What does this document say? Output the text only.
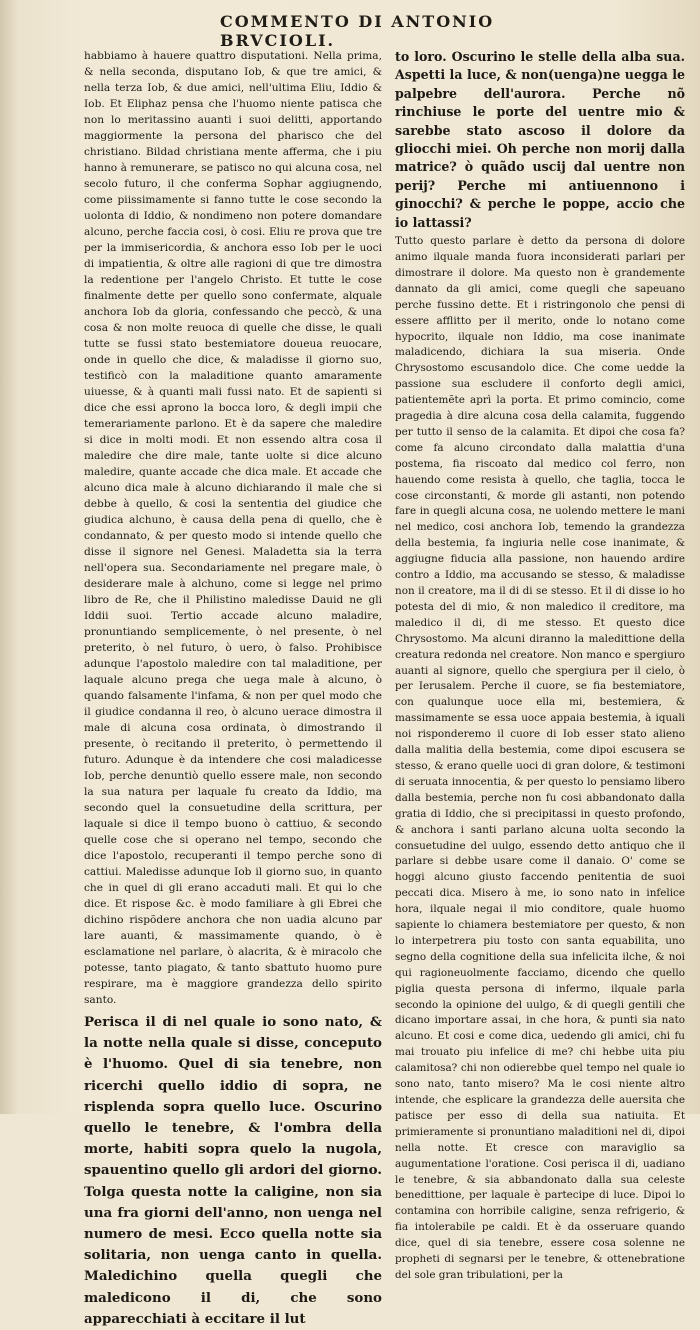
COMMENTO DI ANTONIO BRVCIOLI.

habbiamo à hauere quattro disputationi. Nella prima, & nella seconda, disputano Iob, & que tre amici, & nella terza Iob, & due amici, nell'ultima Eliu, Iddio & Iob. Et Eliphaz pensa che l'huomo niente patisca che non lo meritassino auanti i suoi delitti, apportando maggiormente la persona del pharisco che del christiano. Bildad christiana mente afferma, che i piu hanno à remunerare, se patisco no qui alcuna cosa, nel secolo futuro, il che conferma Sophar aggiugnendo, come piissimamente si fanno tutte le cose secondo la uolonta di Iddio, & nondimeno non potere domandare alcuno, perche faccia cosi, ò cosi. Eliu re prova que tre per la immisericordia, & anchora esso Iob per le uoci di impatientia, & oltre alle ragioni di que tre dimostra la redentione per l'angelo Christo. Et tutte le cose finalmente dette per quello sono confermate, alquale anchora Iob da gloria, confessando che peccò, & una cosa & non molte reuoca di quelle che disse, le quali tutte se fussi stato bestemiatore doueua reuocare, onde in quello che dice, & maladisse il giorno suo, testificò con la maladitione quanto amaramente uiuesse, & à quanti mali fussi nato. Et de sapienti si dice che essi aprono la bocca loro, & degli impii che temerariamente parlono. Et è da sapere che maledire si dice in molti modi. Et non essendo altra cosa il maledire che dire male, tante uolte si dice alcuno maledire, quante accade che dica male. Et accade che alcuno dica male à alcuno dichiarando il male che si debbe à quello, & cosi la sententia del giudice che giudica alchuno, è causa della pena di quello, che è condannato, & per questo modo si intende quello che disse il signore nel Genesi. Maladetta sia la terra nell'opera sua. Secondariamente nel pregare male, ò desiderare male à alchuno, come si legge nel primo libro de Re, che il Philistino maledisse Dauid ne gli Iddii suoi. Tertio accade alcuno maladire, pronuntiando semplicemente, ò nel presente, ò nel preterito, ò nel futuro, ò uero, ò falso. Prohibisce adunque l'apostolo maledire con tal maladitione, per laquale alcuno prega che uega male à alcuno, ò quando falsamente l'infama, & non per quel modo che il giudice condanna il reo, ò alcuno uerace dimostra il male di alcuna cosa ordinata, ò dimostrando il presente, ò recitando il preterito, ò permettendo il futuro. Adunque è da intendere che cosi maladicesse Iob, perche denuntiò quello essere male, non secondo la sua natura per laquale fu creato da Iddio, ma secondo quel la consuetudine della scrittura, per laquale si dice il tempo buono ò cattiuo, & secondo quelle cose che si operano nel tempo, secondo che dice l'apostolo, recuperanti il tempo perche sono di cattiui. Maledisse adunque Iob il giorno suo, in quanto che in quel di gli erano accaduti mali. Et qui lo che dice. Et rispose &c. è modo familiare à gli Ebrei che dichino rispõdere anchora che non uadia alcuno par lare auanti, & massimamente quando, ò è esclamatione nel parlare, ò alacrita, & è miracolo che potesse, tanto piagato, & tanto sbattuto huomo pure respirare, ma è maggiore grandezza dello spirito santo.

Perisca il di nel quale io sono nato, & la notte nella quale si disse, conceputo è l'huomo. Quel di sia tenebre, non ricerchi quello iddio di sopra, ne risplenda sopra quello luce. Oscurino quello le tenebre, & l'ombra della morte, habiti sopra quelo la nugola, spauentino quello gli ardori del giorno. Tolga questa notte la caligine, non sia una fra giorni dell'anno, non uenga nel numero de mesi. Ecco quella notte sia solitaria, non uenga canto in quella. Maledichino quella quegli che maledicono il di, che sono apparecchiati à eccitare il lut

to loro. Oscurino le stelle della alba sua. Aspetti la luce, & non(uenga)ne uegga le palpebre dell'aurora. Perche nõ rinchiuse le porte del uentre mio & sarebbe stato ascoso il dolore da gliocchi miei. Oh perche non morij dalla matrice? ò quãdo uscij dal uentre non perij? Perche mi antiuennono i ginocchi? & perche le poppe, accio che io lattassi?

Tutto questo parlare è detto da persona di dolore animo ilquale manda fuora inconsiderati parlari per dimostrare il dolore. Ma questo non è grandemente dannato da gli amici, come quegli che sapeuano perche fussino dette. Et i ristringonolo che pensi di essere afflitto per il merito, onde lo notano come hypocrito, ilquale non Iddio, ma cose inanimate maladicendo, dichiara la sua miseria. Onde Chrysostomo escusandolo dice. Che come uedde la passione sua escludere il conforto degli amici, patientemẽte aprì la porta. Et primo comincio, come pragedia à dire alcuna cosa della calamita, fuggendo per tutto il senso de la calamita. Et dipoi che cosa fa? come fa alcuno circondato dalla malattia d'una postema, fia riscoato dal medico col ferro, non hauendo come resista à quello, che taglia, tocca le cose circonstanti, & morde gli astanti, non potendo fare in quegli alcuna cosa, ne uolendo mettere le mani nel medico, cosi anchora Iob, temendo la grandezza della bestemia, fa ingiuria nelle cose inanimate, & aggiugne fiducia alla passione, non hauendo ardire contro a Iddio, ma accusando se stesso, & maladisse non il creatore, ma il di di se stesso. Et il di disse io ho potesta del di mio, & non maledico il creditore, ma maledico il di, di me stesso. Et questo dice Chrysostomo. Ma alcuni diranno la maledittione della creatura redonda nel creatore. Non manco e spergiuro auanti al signore, quello che spergiura per il cielo, ò per Ierusalem. Perche il cuore, se fia bestemiatore, con qualunque uoce ella mi, bestemiera, & massimamente se essa uoce appaia bestemia, à iquali noi risponderemo il cuore di Iob esser stato alieno dalla malitia della bestemia, come dipoi escusera se stesso, & erano quelle uoci di gran dolore, & testimoni di seruata innocentia, & per questo lo pensiamo libero dalla bestemia, perche non fu cosi abbandonato dalla gratia di Iddio, che si precipitassi in questo profondo, & anchora i santi parlano alcuna uolta secondo la consuetudine del uulgo, essendo detto antiquo che il parlare si debbe usare come il danaio. O' come se hoggi alcuno giusto faccendo penitentia de suoi peccati dica. Misero à me, io sono nato in infelice hora, ilquale negai il mio conditore, quale huomo sapiente lo chiamera bestemiatore per questo, & non lo interpetrera piu tosto con santa equabilita, uno segno della cognitione della sua infelicita ilche, & noi qui ragioneuolmente facciamo, dicendo che quello piglia questa persona di infermo, ilquale parla secondo la opinione del uulgo, & di quegli gentili che dicano importare assai, in che hora, & punti sia nato alcuno. Et cosi e come dica, uedendo gli amici, chi fu mai trouato piu infelice di me? chi hebbe uita piu calamitosa? chi non odierebbe quel tempo nel quale io sono nato, tanto misero? Ma le cosi niente altro intende, che esplicare la grandezza delle auersita che patisce per esso di della sua natiuita. Et primieramente si pronuntiano maladitioni nel di, dipoi nella notte. Et cresce con maraviglio sa augumentatione l'oratione. Cosi perisca il di, uadiano le tenebre, & sia abbandonato dalla sua celeste benedittione, per laquale è partecipe di luce. Dipoi lo contamina con horribile caligine, senza refrigerio, & fia intolerabile pe caldi. Et è da osseruare quando dice, quel di sia tenebre, essere cosa solenne ne propheti di segnarsi per le tenebre, & ottenebratione del sole gran tribulationi, per la
